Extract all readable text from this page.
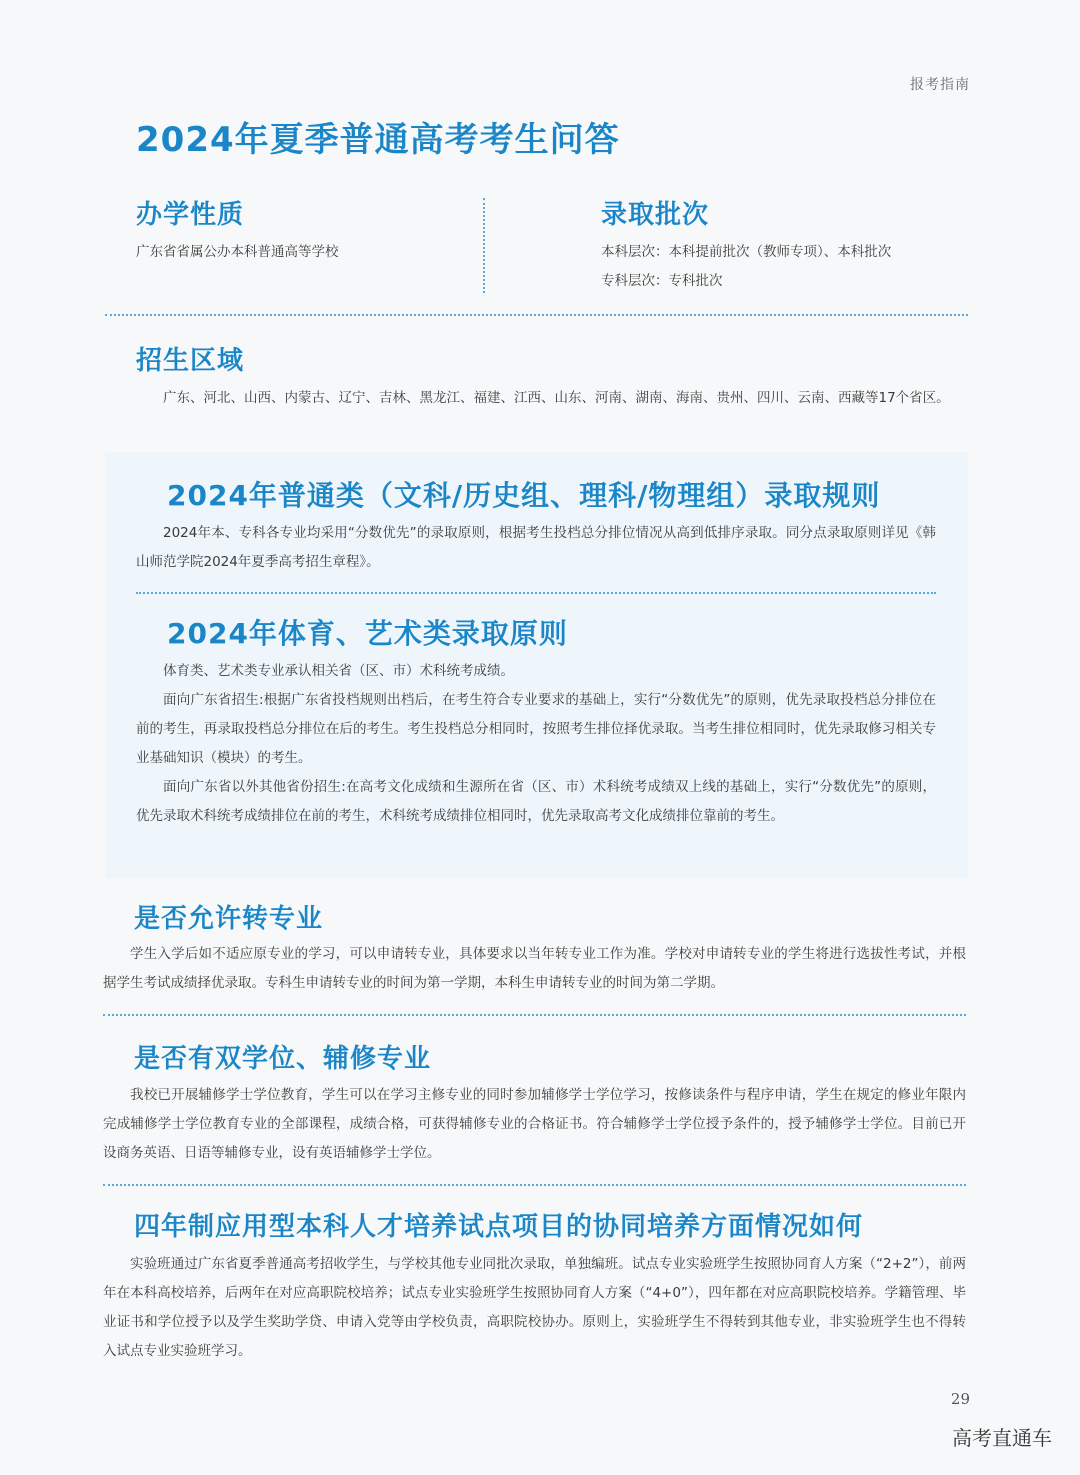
报考指南
2024年夏季普通高考考生问答
办学性质
广东省省属公办本科普通高等学校
录取批次
本科层次：本科提前批次（教师专项）、本科批次
专科层次：专科批次
招生区域
广东、河北、山西、内蒙古、辽宁、吉林、黑龙江、福建、江西、山东、河南、湖南、海南、贵州、四川、云南、西藏等17个省区。
2024年普通类（文科/历史组、理科/物理组）录取规则
2024年本、专科各专业均采用“分数优先”的录取原则，根据考生投档总分排位情况从高到低排序录取。同分点录取原则详见《韩山师范学院2024年夏季高考招生章程》。
2024年体育、艺术类录取原则
体育类、艺术类专业承认相关省（区、市）术科统考成绩。
面向广东省招生:根据广东省投档规则出档后，在考生符合专业要求的基础上，实行“分数优先”的原则，优先录取投档总分排位在前的考生，再录取投档总分排位在后的考生。考生投档总分相同时，按照考生排位择优录取。当考生排位相同时，优先录取修习相关专业基础知识（模块）的考生。
面向广东省以外其他省份招生:在高考文化成绩和生源所在省（区、市）术科统考成绩双上线的基础上，实行“分数优先”的原则，优先录取术科统考成绩排位在前的考生，术科统考成绩排位相同时，优先录取高考文化成绩排位靠前的考生。
是否允许转专业
学生入学后如不适应原专业的学习，可以申请转专业，具体要求以当年转专业工作为准。学校对申请转专业的学生将进行选拔性考试，并根据学生考试成绩择优录取。专科生申请转专业的时间为第一学期，本科生申请转专业的时间为第二学期。
是否有双学位、辅修专业
我校已开展辅修学士学位教育，学生可以在学习主修专业的同时参加辅修学士学位学习，按修读条件与程序申请，学生在规定的修业年限内完成辅修学士学位教育专业的全部课程，成绩合格，可获得辅修专业的合格证书。符合辅修学士学位授予条件的，授予辅修学士学位。目前已开设商务英语、日语等辅修专业，设有英语辅修学士学位。
四年制应用型本科人才培养试点项目的协同培养方面情况如何
实验班通过广东省夏季普通高考招收学生，与学校其他专业同批次录取，单独编班。试点专业实验班学生按照协同育人方案（“2+2”），前两年在本科高校培养，后两年在对应高职院校培养；试点专业实验班学生按照协同育人方案（“4+0”），四年都在对应高职院校培养。学籍管理、毕业证书和学位授予以及学生奖助学贷、申请入党等由学校负责，高职院校协办。原则上，实验班学生不得转到其他专业，非实验班学生也不得转入试点专业实验班学习。
29
高考直通车
